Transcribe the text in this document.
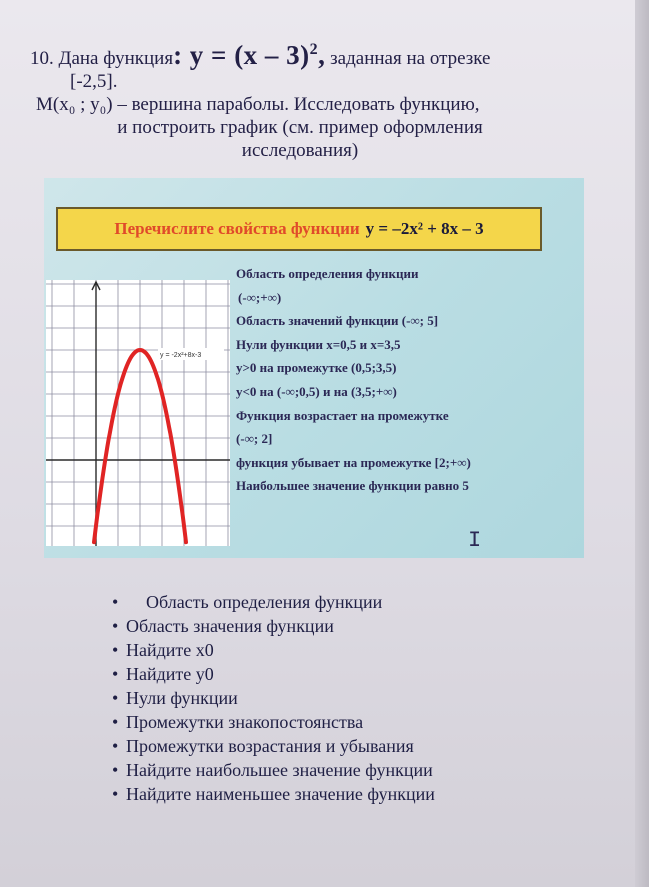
10. Дана функция: y = (x – 3)$^2$, заданная на отрезке
[-2,5].
M(x₀ ; y₀) – вершина параболы. Исследовать функцию,
и построить график (см. пример оформления
исследования)
Перечислите свойства функции y = –2x² + 8x – 3
y = -2x²+8x-3
Область определения функции
(-∞;+∞)
Область значений функции (-∞; 5]
Нули функции x=0,5 и x=3,5
y>0 на промежутке (0,5;3,5)
y<0 на (-∞;0,5) и на (3,5;+∞)
Функция возрастает на промежутке
(-∞; 2]
функция убывает на промежутке [2;+∞)
Наибольшее значение функции равно 5
I
•	Область определения функции
• Область значения функции
• Найдите x0
• Найдите y0
• Нули функции
• Промежутки знакопостоянства
• Промежутки возрастания и убывания
• Найдите наибольшее значение функции
• Найдите наименьшее значение функции
